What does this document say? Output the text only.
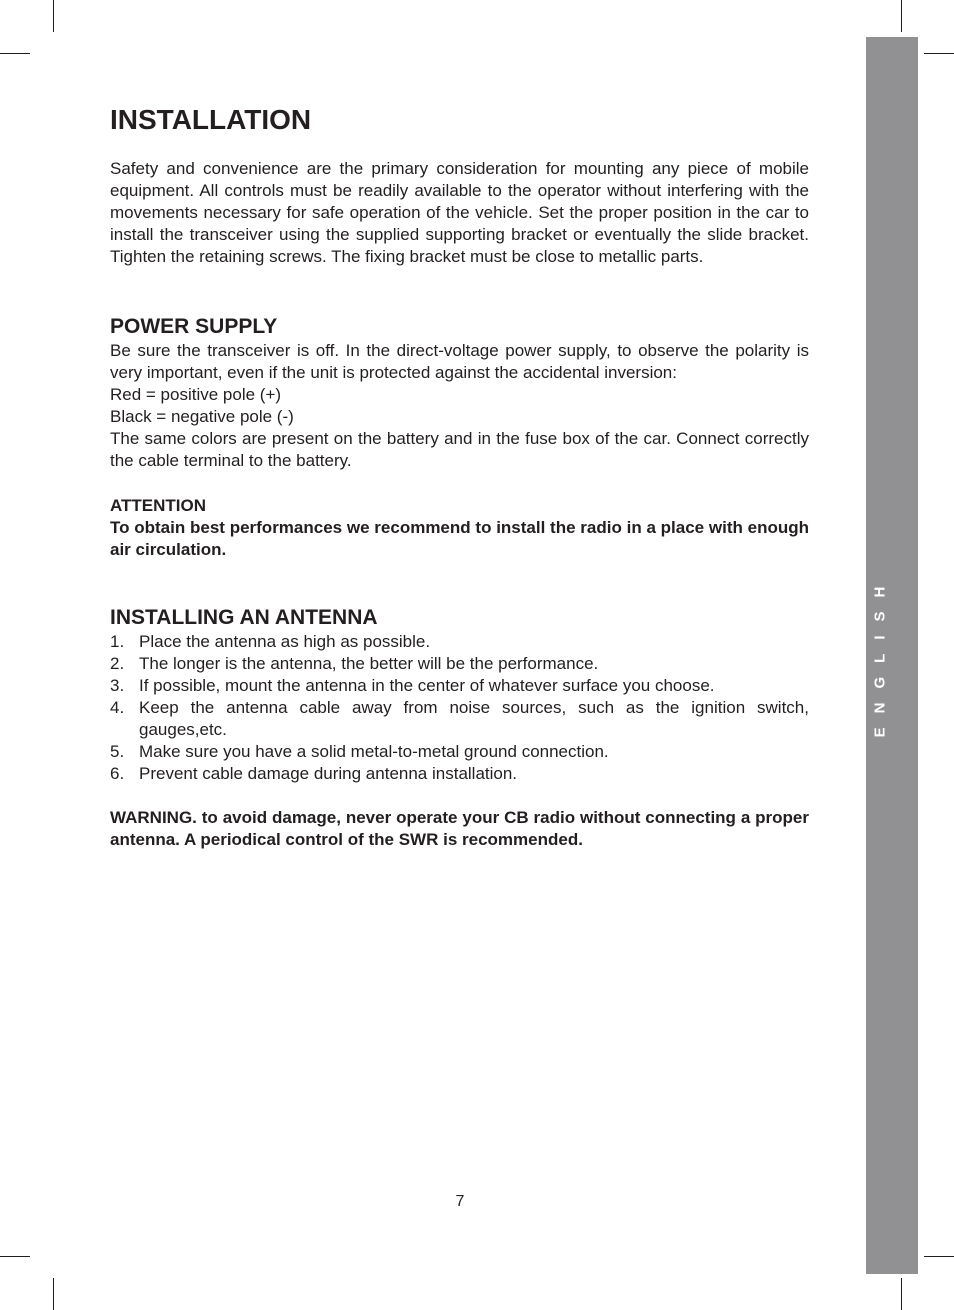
ENGLISH
INSTALLATION

Safety and convenience are the primary consideration for mounting any piece of mobile equipment. All controls must be readily available to the operator without interfering with the movements necessary for safe operation of the vehicle. Set the proper position in the car to install the transceiver using the supplied supporting bracket or eventually the slide bracket. Tighten the retaining screws. The fixing bracket must be close to metallic parts.

POWER SUPPLY

Be sure the transceiver is off. In the direct-voltage power supply, to observe the polarity is very important, even if the unit is protected against the accidental inversion:

Red = positive pole (+)
Black = negative pole (-)

The same colors are present on the battery and in the fuse box of the car. Connect correctly the cable terminal to the battery.

ATTENTION

To obtain best performances we recommend to install the radio in a place with enough air circulation.

INSTALLING AN ANTENNA
1. Place the antenna as high as possible.
2. The longer is the antenna, the better will be the performance.
3. If possible, mount the antenna in the center of whatever surface you choose.
4. Keep the antenna cable away from noise sources, such as the ignition switch, gauges,etc.
5. Make sure you have a solid metal-to-metal ground connection.
6. Prevent cable damage during antenna installation.

WARNING. to avoid damage, never operate your CB radio without connecting a proper antenna. A periodical control of the SWR is recommended.

7
